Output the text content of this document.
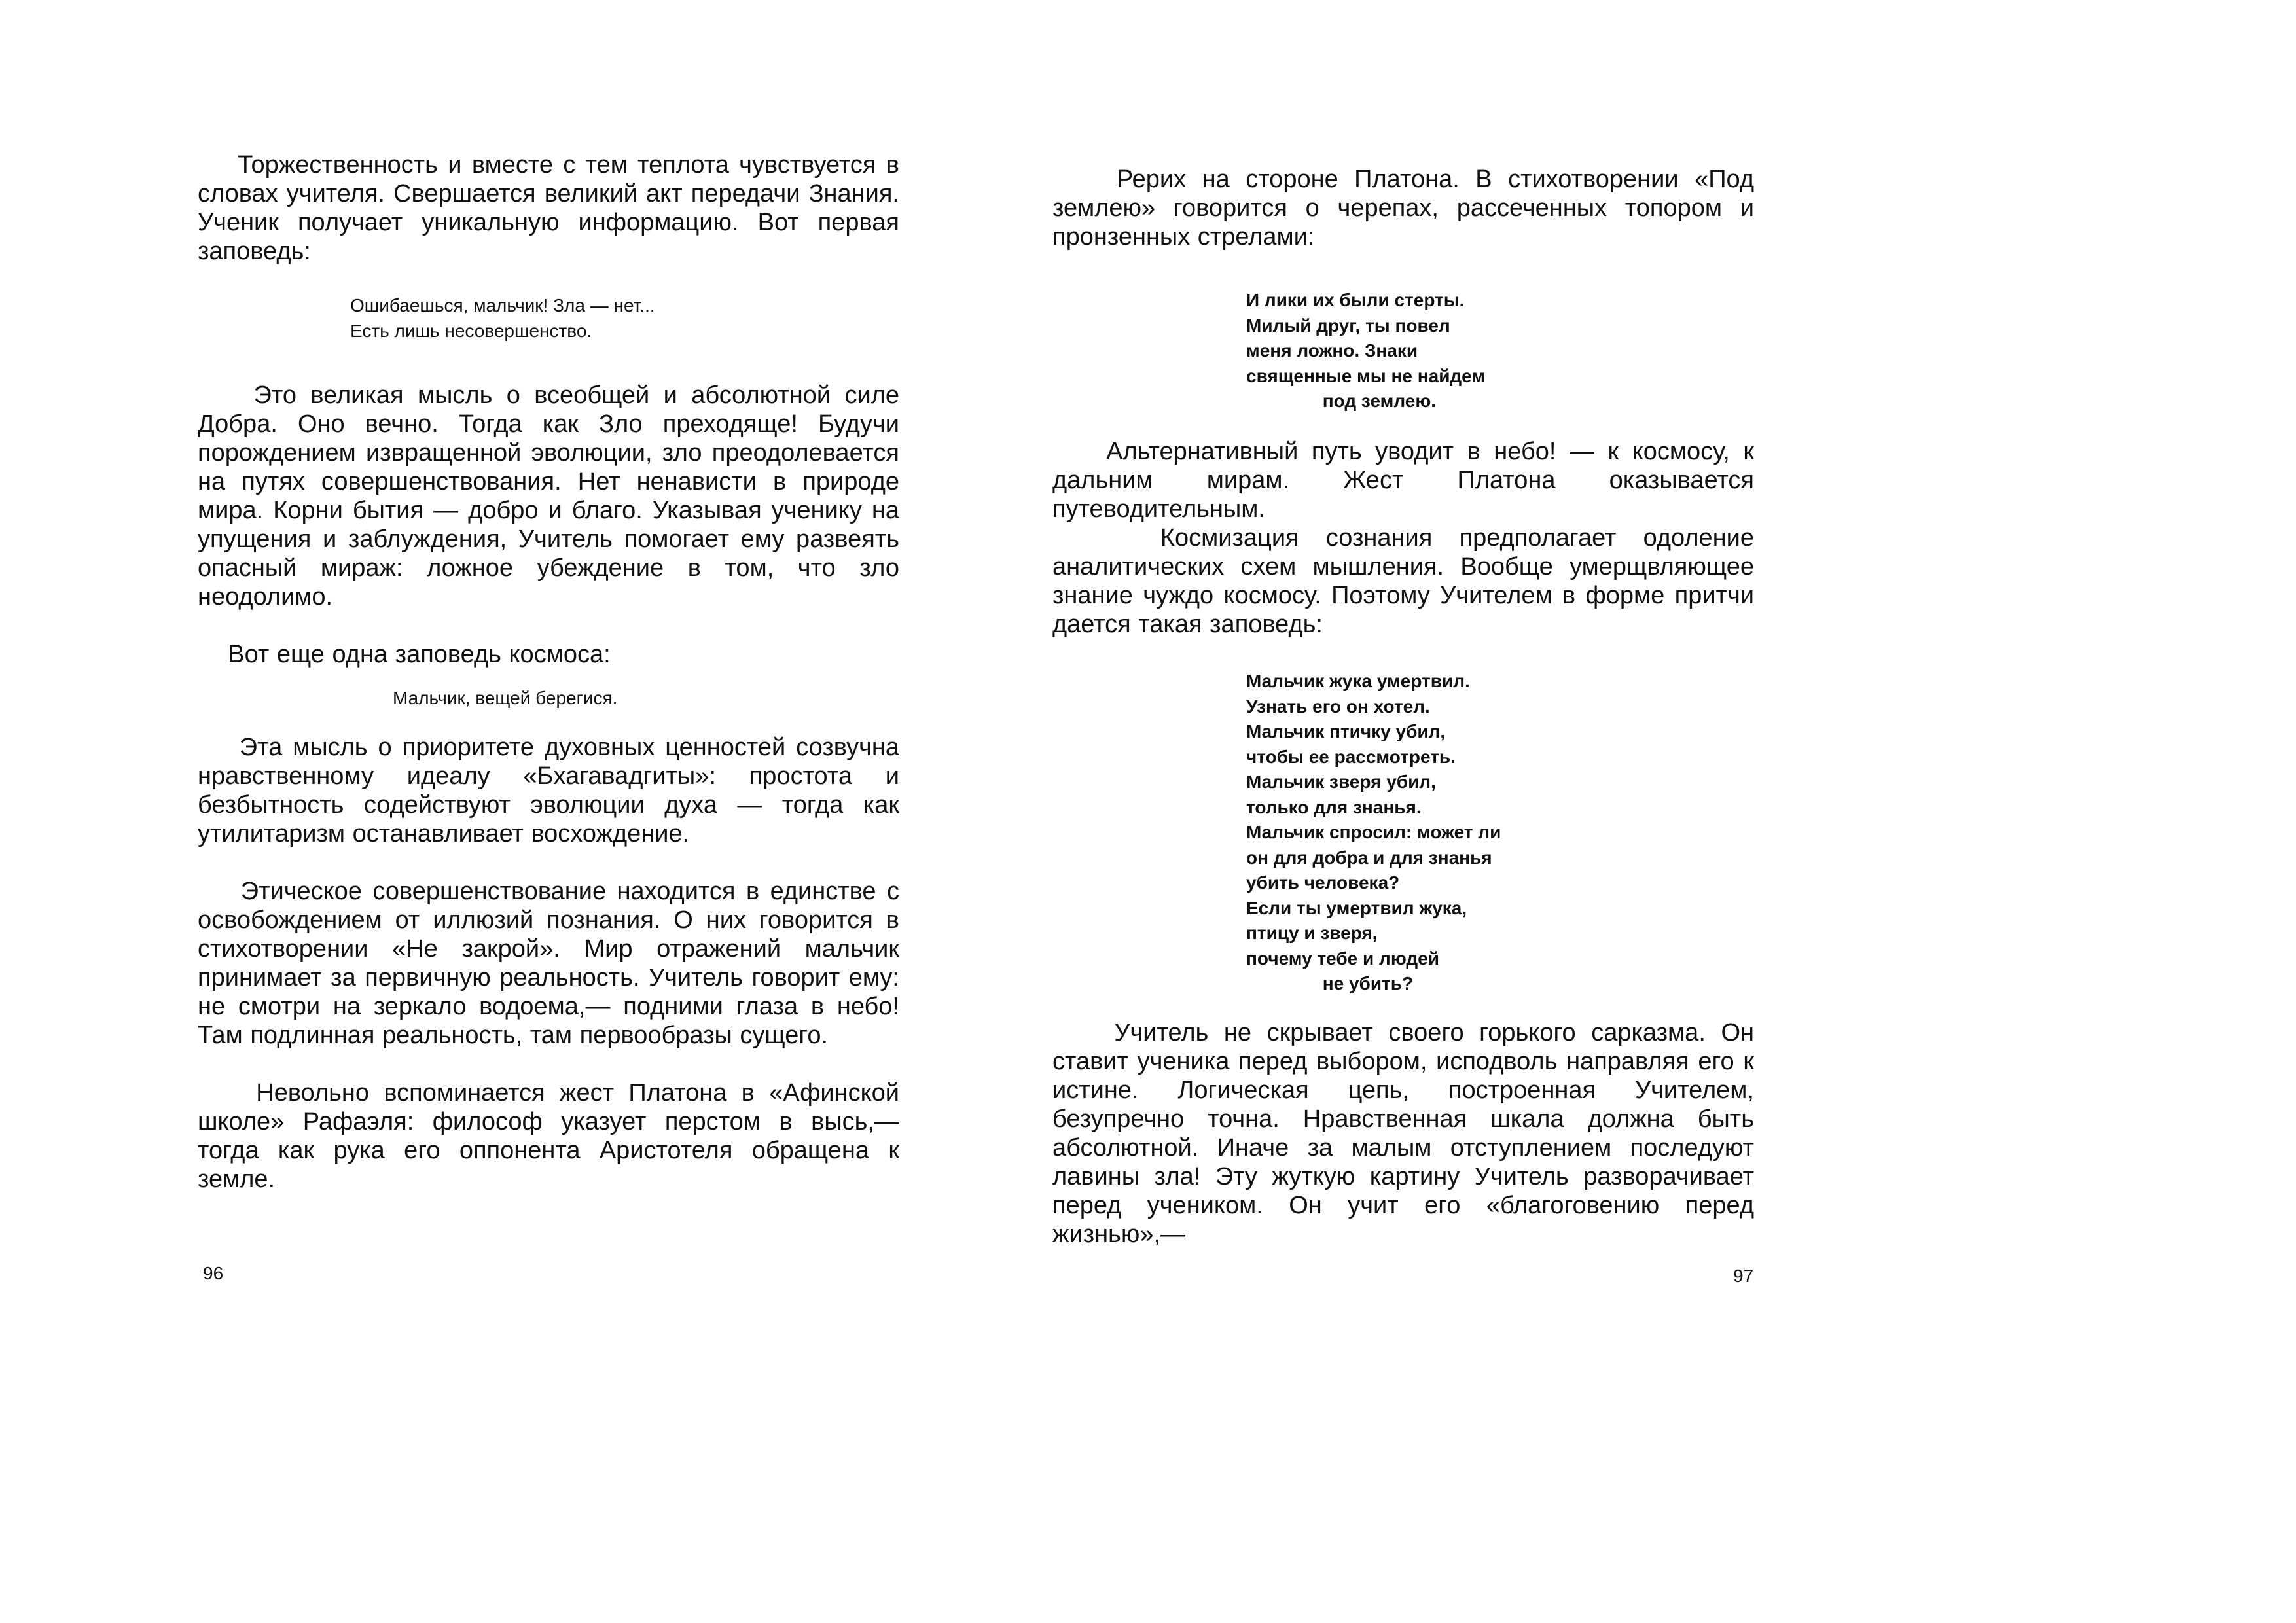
Торжественность и вместе с тем теплота чувствуется в словах учителя. Свершается великий акт передачи Знания. Ученик получает уникальную информацию. Вот первая заповедь:

Ошибаешься, мальчик! Зла — нет...
Есть лишь несовершенство.

Это великая мысль о всеобщей и абсолютной силе Добра. Оно вечно. Тогда как Зло преходяще! Будучи порождением извращенной эволюции, зло преодолевается на путях совершенствования. Нет ненависти в природе мира. Корни бытия — добро и благо. Указывая ученику на упущения и заблуждения, Учитель помогает ему развеять опасный мираж: ложное убеждение в том, что зло неодолимо.

Вот еще одна заповедь космоса:

Мальчик, вещей берегися.

Эта мысль о приоритете духовных ценностей созвучна нравственному идеалу «Бхагавадгиты»: простота и безбытность содействуют эволюции духа — тогда как утилитаризм останавливает восхождение.

Этическое совершенствование находится в единстве с освобождением от иллюзий познания. О них говорится в стихотворении «Не закрой». Мир отражений мальчик принимает за первичную реальность. Учитель говорит ему: не смотри на зеркало водоема,— подними глаза в небо! Там подлинная реальность, там первообразы сущего.

Невольно вспоминается жест Платона в «Афинской школе» Рафаэля: философ указует перстом в высь,— тогда как рука его оппонента Аристотеля обращена к земле.

96

Рерих на стороне Платона. В стихотворении «Под землею» говорится о черепах, рассеченных топором и пронзенных стрелами:

И лики их были стерты.
Милый друг, ты повел
меня ложно. Знаки
священные мы не найдем
под землею.

Альтернативный путь уводит в небо! — к космосу, к дальним мирам. Жест Платона оказывается путеводительным.

Космизация сознания предполагает одоление аналитических схем мышления. Вообще умерщвляющее знание чуждо космосу. Поэтому Учителем в форме притчи дается такая заповедь:

Мальчик жука умертвил.
Узнать его он хотел.
Мальчик птичку убил,
чтобы ее рассмотреть.
Мальчик зверя убил,
только для знанья.
Мальчик спросил: может ли
он для добра и для знанья
убить человека?
Если ты умертвил жука,
птицу и зверя,
почему тебе и людей
не убить?

Учитель не скрывает своего горького сарказма. Он ставит ученика перед выбором, исподволь направляя его к истине. Логическая цепь, построенная Учителем, безупречно точна. Нравственная шкала должна быть абсолютной. Иначе за малым отступлением последуют лавины зла! Эту жуткую картину Учитель разворачивает перед учеником. Он учит его «благоговению перед жизнью»,—

97
